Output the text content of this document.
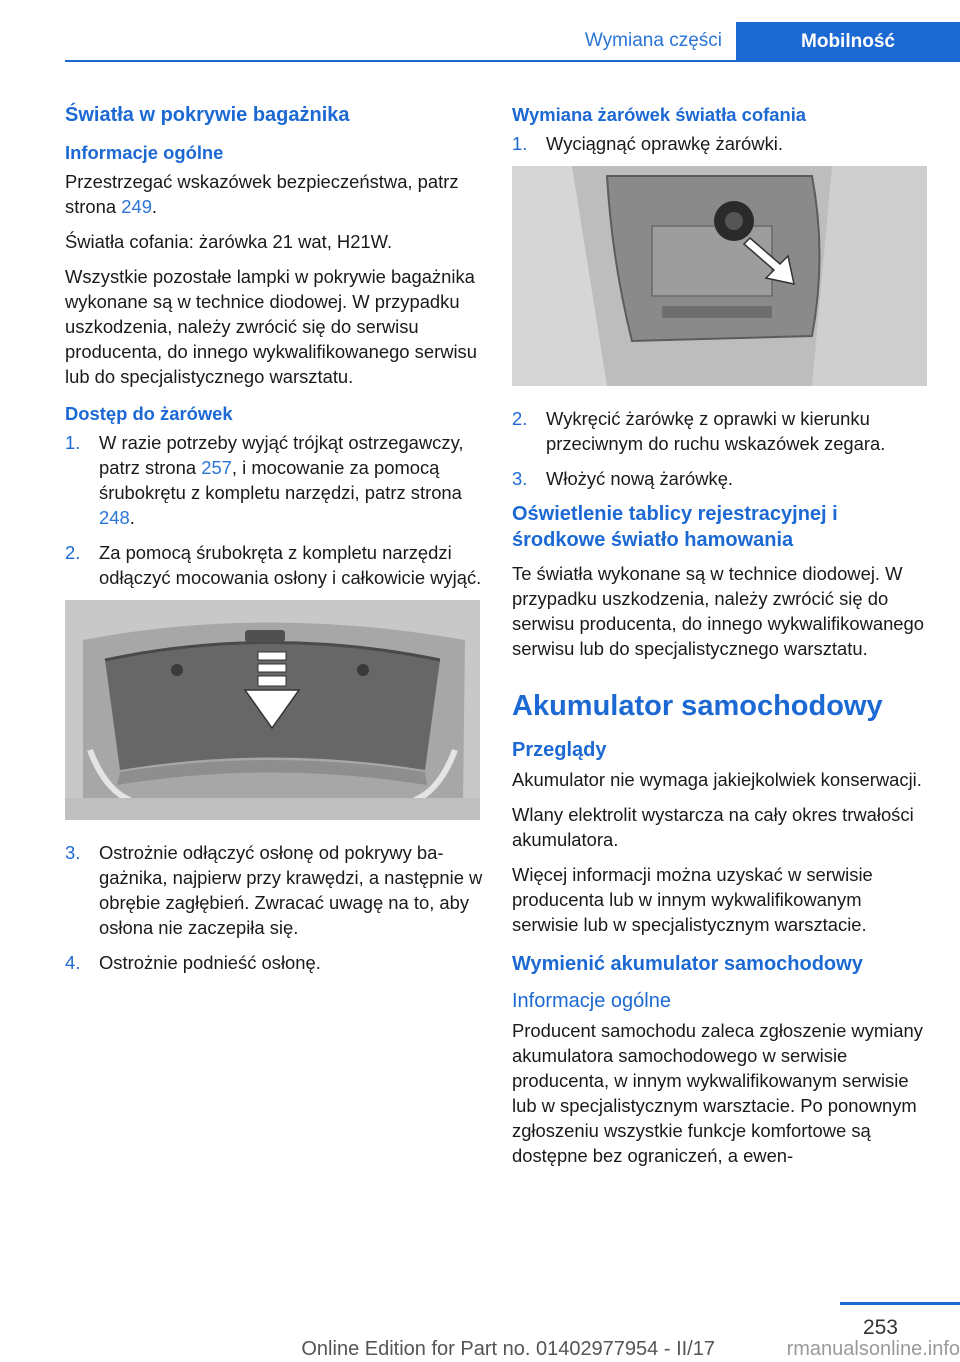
Wymiana części	Mobilność
Światła w pokrywie bagażnika
Informacje ogólne

Przestrzegać wskazówek bezpieczeństwa, patrz strona 249.

Światła cofania: żarówka 21 wat, H21W.

Wszystkie pozostałe lampki w pokrywie bagażnika wykonane są w technice diodowej. W przypadku uszkodzenia, należy zwrócić się do serwisu producenta, do innego wykwalifikowanego serwisu lub do specjalistycznego warsztatu.

Dostęp do żarówek
1. W razie potrzeby wyjąć trójkąt ostrzegawczy, patrz strona 257, i mocowanie za pomocą śrubokrętu z kompletu narzędzi, patrz strona 248.
2. Za pomocą śrubokręta z kompletu narzędzi odłączyć mocowania osłony i całkowicie wyjąć.
3. Ostrożnie odłączyć osłonę od pokrywy bagażnika, najpierw przy krawędzi, a następnie w obrębie zagłębień. Zwracać uwagę na to, aby osłona nie zaczepiła się.
4. Ostrożnie podnieść osłonę.
Wymiana żarówek światła cofania
1. Wyciągnąć oprawkę żarówki.
2. Wykręcić żarówkę z oprawki w kierunku przeciwnym do ruchu wskazówek zegara.
3. Włożyć nową żarówkę.
Oświetlenie tablicy rejestracyjnej i środkowe światło hamowania

Te światła wykonane są w technice diodowej. W przypadku uszkodzenia, należy zwrócić się do serwisu producenta, do innego wykwalifikowanego serwisu lub do specjalistycznego warsztatu.

Akumulator samochodowy
Przeglądy

Akumulator nie wymaga jakiejkolwiek konserwacji.

Wlany elektrolit wystarcza na cały okres trwałości akumulatora.

Więcej informacji można uzyskać w serwisie producenta lub w innym wykwalifikowanym serwisie lub w specjalistycznym warsztacie.

Wymienić akumulator samochodowy
Informacje ogólne

Producent samochodu zaleca zgłoszenie wymiany akumulatora samochodowego w serwisie producenta, w innym wykwalifikowanym serwisie lub w specjalistycznym warsztacie. Po ponownym zgłoszeniu wszystkie funkcje komfortowe są dostępne bez ograniczeń, a ewen-

253
Online Edition for Part no. 01402977954 - II/17	rmanualsonline.info
